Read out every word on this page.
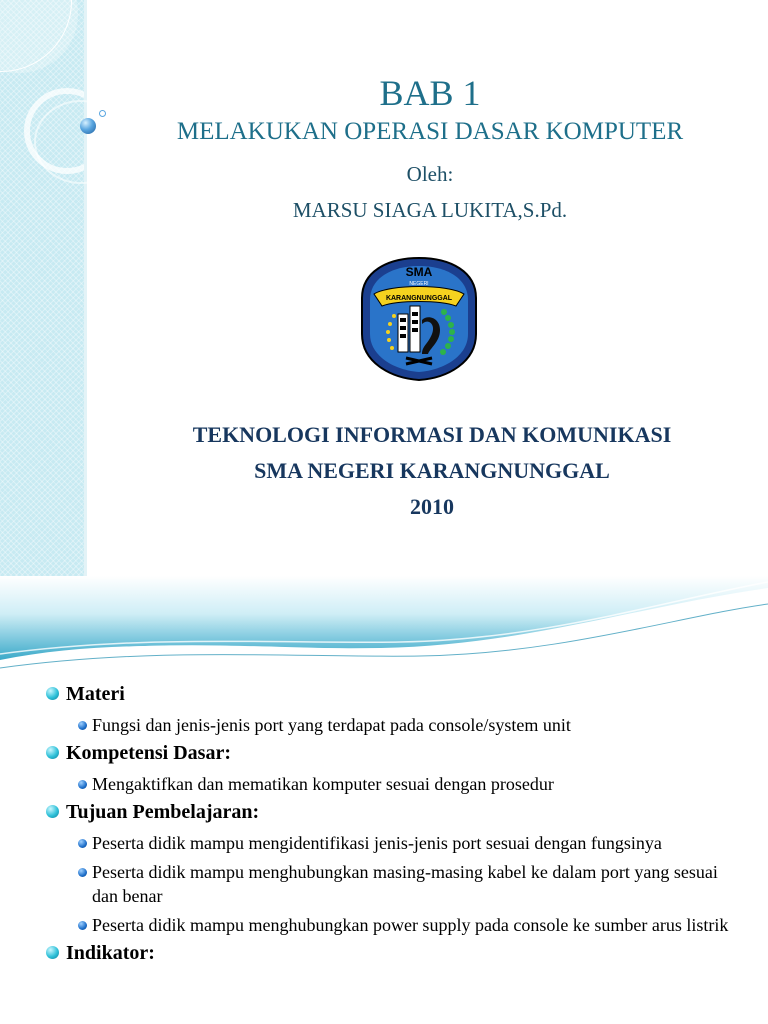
BAB 1
MELAKUKAN OPERASI DASAR KOMPUTER
Oleh:
MARSU SIAGA LUKITA,S.Pd.
SMA
NEGERI
KARANGNUNGGAL
TEKNOLOGI INFORMASI DAN KOMUNIKASI
SMA NEGERI KARANGNUNGGAL
2010
Materi
Fungsi dan jenis-jenis port yang terdapat pada console/system unit
Kompetensi Dasar:
Mengaktifkan dan mematikan komputer sesuai dengan prosedur
Tujuan Pembelajaran:
Peserta didik mampu mengidentifikasi jenis-jenis port sesuai dengan fungsinya
Peserta didik mampu menghubungkan masing-masing kabel ke dalam port yang sesuai dan benar
Peserta didik mampu menghubungkan power supply pada console ke sumber arus listrik
Indikator:
